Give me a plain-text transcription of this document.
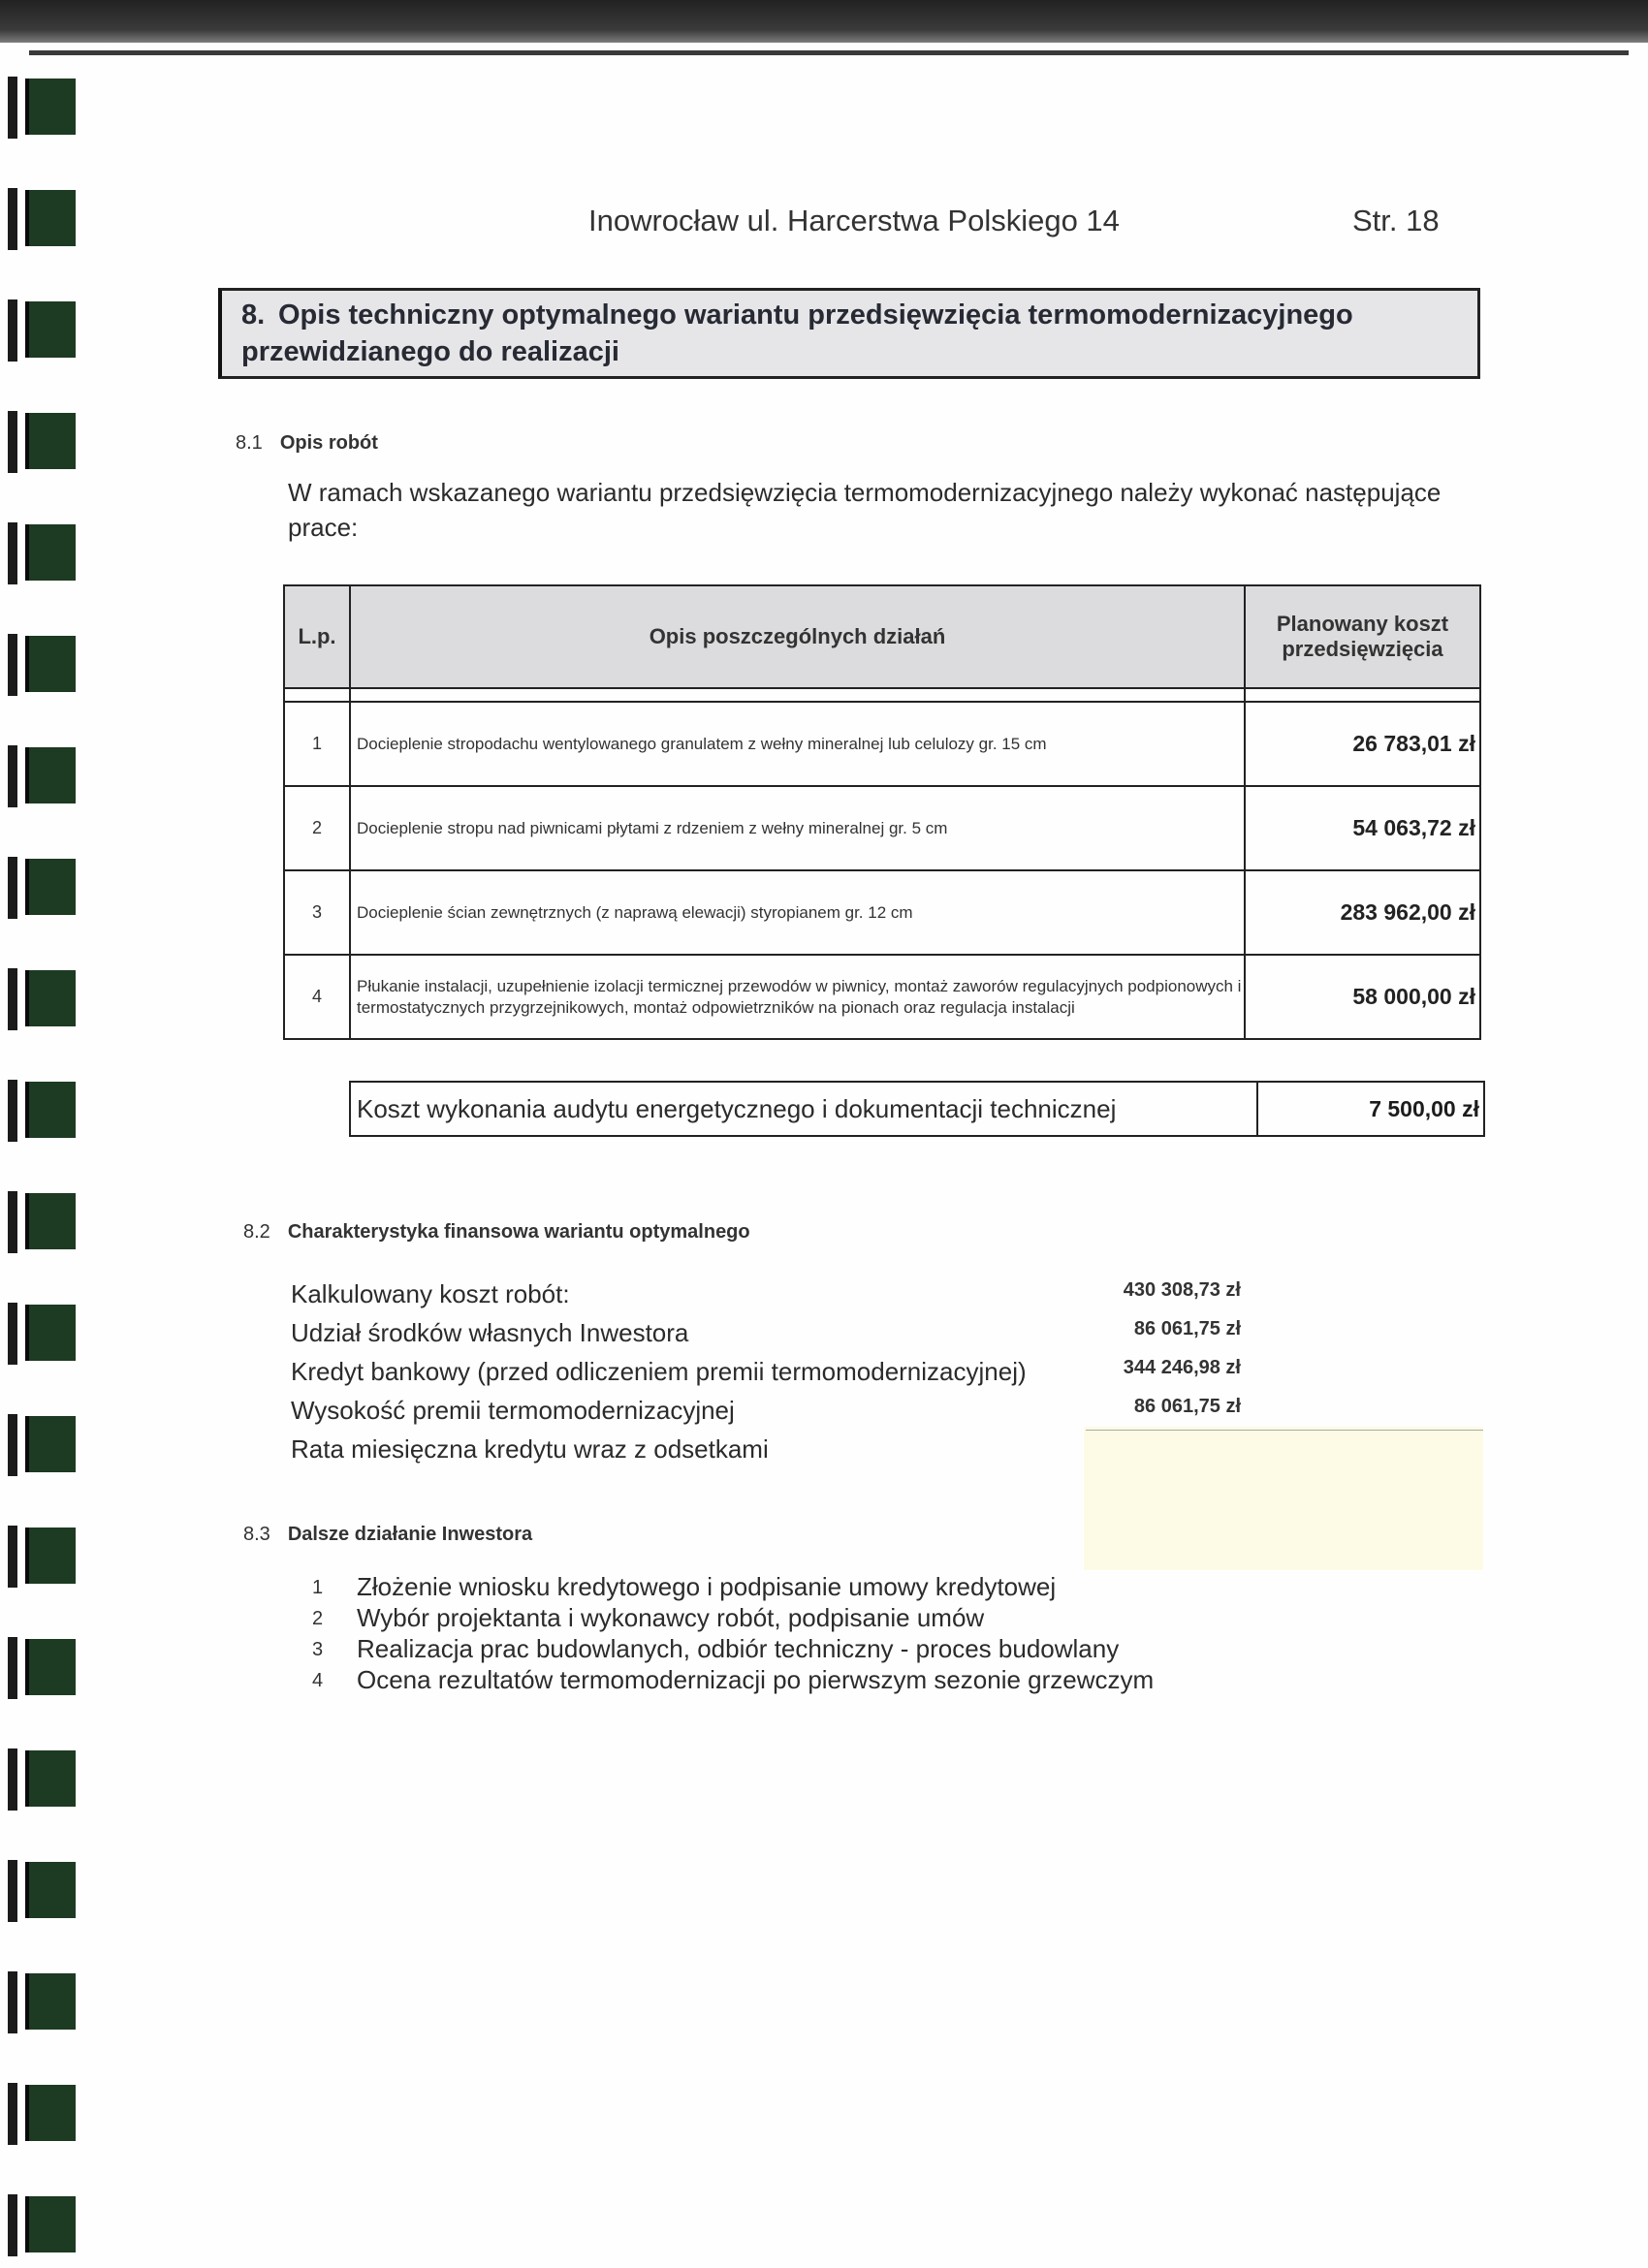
Inowrocław ul. Harcerstwa Polskiego 14	Str. 18
8. Opis techniczny optymalnego wariantu przedsięwzięcia termomodernizacyjnego przewidzianego do realizacji
8.1 Opis robót
W ramach wskazanego wariantu przedsięwzięcia termomodernizacyjnego należy wykonać następujące prace:
L.p.	Opis poszczególnych działań	Planowany koszt przedsięwzięcia

1	Docieplenie stropodachu wentylowanego granulatem z wełny mineralnej lub celulozy gr. 15 cm	26 783,01 zł
2	Docieplenie stropu nad piwnicami płytami z rdzeniem z wełny mineralnej gr. 5 cm	54 063,72 zł
3	Docieplenie ścian zewnętrznych (z naprawą elewacji) styropianem gr. 12 cm	283 962,00 zł
4	Płukanie instalacji, uzupełnienie izolacji termicznej przewodów w piwnicy, montaż zaworów regulacyjnych podpionowych i termostatycznych przygrzejnikowych, montaż odpowietrzników na pionach oraz regulacja instalacji	58 000,00 zł
Koszt wykonania audytu energetycznego i dokumentacji technicznej	7 500,00 zł
8.2 Charakterystyka finansowa wariantu optymalnego
Kalkulowany koszt robót:	430 308,73 zł
Udział środków własnych Inwestora	86 061,75 zł
Kredyt bankowy (przed odliczeniem premii termomodernizacyjnej)	344 246,98 zł
Wysokość premii termomodernizacyjnej	86 061,75 zł
Rata miesięczna kredytu wraz z odsetkami
8.3 Dalsze działanie Inwestora
1 Złożenie wniosku kredytowego i podpisanie umowy kredytowej
2 Wybór projektanta i wykonawcy robót, podpisanie umów
3 Realizacja prac budowlanych, odbiór techniczny - proces budowlany
4 Ocena rezultatów termomodernizacji po pierwszym sezonie grzewczym
